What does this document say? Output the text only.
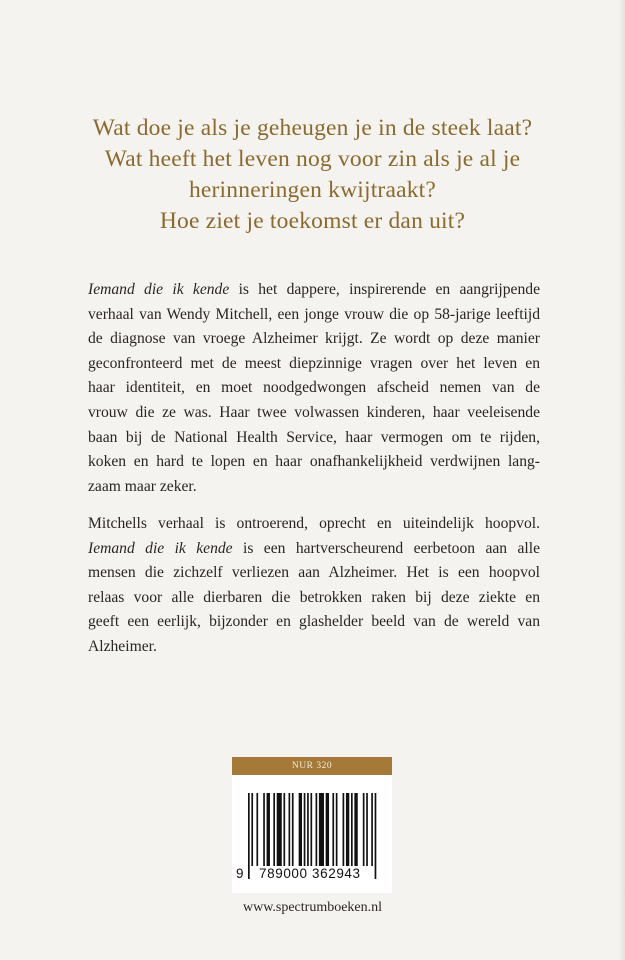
Wat doe je als je geheugen je in de steek laat?
Wat heeft het leven nog voor zin als je al je
herinneringen kwijtraakt?
Hoe ziet je toekomst er dan uit?
Iemand die ik kende is het dappere, inspirerende en aangrijpende
verhaal van Wendy Mitchell, een jonge vrouw die op 58-jarige leeftijd
de diagnose van vroege Alzheimer krijgt. Ze wordt op deze manier
geconfronteerd met de meest diepzinnige vragen over het leven en
haar identiteit, en moet noodgedwongen afscheid nemen van de
vrouw die ze was. Haar twee volwassen kinderen, haar veeleisende
baan bij de National Health Service, haar vermogen om te rijden,
koken en hard te lopen en haar onafhankelijkheid verdwijnen lang-
zaam maar zeker.
Mitchells verhaal is ontroerend, oprecht en uiteindelijk hoopvol.
Iemand die ik kende is een hartverscheurend eerbetoon aan alle
mensen die zichzelf verliezen aan Alzheimer. Het is een hoopvol
relaas voor alle dierbaren die betrokken raken bij deze ziekte en
geeft een eerlijk, bijzonder en glashelder beeld van de wereld van
Alzheimer.
NUR 320
9 789000 362943
www.spectrumboeken.nl
